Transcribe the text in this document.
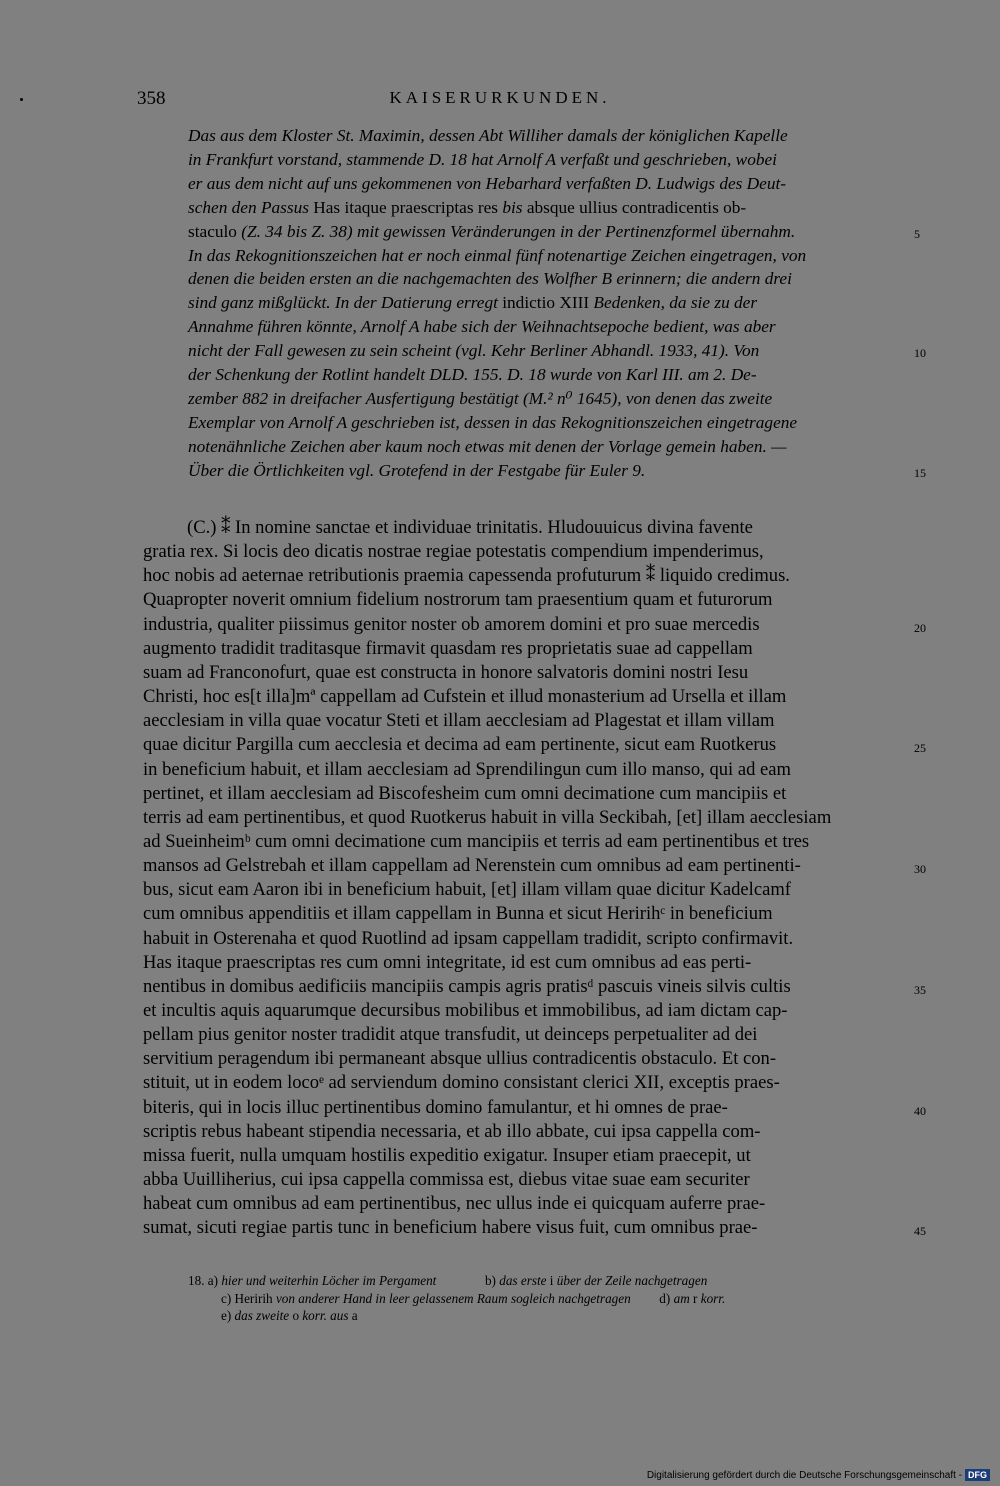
358	KAISERURKUNDEN.
Das aus dem Kloster St. Maximin, dessen Abt Williher damals der königlichen Kapelle
in Frankfurt vorstand, stammende D. 18 hat Arnolf A verfaßt und geschrieben, wobei
er aus dem nicht auf uns gekommenen von Hebarhard verfaßten D. Ludwigs des Deut-
schen den Passus Has itaque praescriptas res bis absque ullius contradicentis ob-
staculo (Z. 34 bis Z. 38) mit gewissen Veränderungen in der Pertinenzformel übernahm.	5
In das Rekognitionszeichen hat er noch einmal fünf notenartige Zeichen eingetragen, von
denen die beiden ersten an die nachgemachten des Wolfher B erinnern; die andern drei
sind ganz mißglückt. In der Datierung erregt indictio XIII Bedenken, da sie zu der
Annahme führen könnte, Arnolf A habe sich der Weihnachtsepoche bedient, was aber
nicht der Fall gewesen zu sein scheint (vgl. Kehr Berliner Abhandl. 1933, 41). Von	10
der Schenkung der Rotlint handelt DLD. 155. D. 18 wurde von Karl III. am 2. De-
zember 882 in dreifacher Ausfertigung bestätigt (M.² n⁰ 1645), von denen das zweite
Exemplar von Arnolf A geschrieben ist, dessen in das Rekognitionszeichen eingetragene
notenähnliche Zeichen aber kaum noch etwas mit denen der Vorlage gemein haben. —
Über die Örtlichkeiten vgl. Grotefend in der Festgabe für Euler 9.	15
(C.) ⁑ In nomine sanctae et individuae trinitatis. Hludouuicus divina favente
gratia rex. Si locis deo dicatis nostrae regiae potestatis compendium impenderimus,
hoc nobis ad aeternae retributionis praemia capessenda profuturum ⁑ liquido credimus.
Quapropter noverit omnium fidelium nostrorum tam praesentium quam et futurorum
industria, qualiter piissimus genitor noster ob amorem domini et pro suae mercedis	20
augmento tradidit traditasque firmavit quasdam res proprietatis suae ad cappellam
suam ad Franconofurt, quae est constructa in honore salvatoris domini nostri Iesu
Christi, hoc es[t illa]mª cappellam ad Cufstein et illud monasterium ad Ursella et illam
aecclesiam in villa quae vocatur Steti et illam aecclesiam ad Plagestat et illam villam
quae dicitur Pargilla cum aecclesia et decima ad eam pertinente, sicut eam Ruotkerus	25
in beneficium habuit, et illam aecclesiam ad Sprendilingun cum illo manso, qui ad eam
pertinet, et illam aecclesiam ad Biscofesheim cum omni decimatione cum mancipiis et
terris ad eam pertinentibus, et quod Ruotkerus habuit in villa Seckibah, [et] illam aecclesiam
ad Sueinheimᵇ cum omni decimatione cum mancipiis et terris ad eam pertinentibus et tres
mansos ad Gelstrebah et illam cappellam ad Nerenstein cum omnibus ad eam pertinenti-	30
bus, sicut eam Aaron ibi in beneficium habuit, [et] illam villam quae dicitur Kadelcamf
cum omnibus appenditiis et illam cappellam in Bunna et sicut Heririhᶜ in beneficium
habuit in Osterenaha et quod Ruotlind ad ipsam cappellam tradidit, scripto confirmavit.
Has itaque praescriptas res cum omni integritate, id est cum omnibus ad eas perti-
nentibus in domibus aedificiis mancipiis campis agris pratisᵈ pascuis vineis silvis cultis	35
et incultis aquis aquarumque decursibus mobilibus et immobilibus, ad iam dictam cap-
pellam pius genitor noster tradidit atque transfudit, ut deinceps perpetualiter ad dei
servitium peragendum ibi permaneant absque ullius contradicentis obstaculo. Et con-
stituit, ut in eodem locoᵉ ad serviendum domino consistant clerici XII, exceptis praes-
biteris, qui in locis illuc pertinentibus domino famulantur, et hi omnes de prae-	40
scriptis rebus habeant stipendia necessaria, et ab illo abbate, cui ipsa cappella com-
missa fuerit, nulla umquam hostilis expeditio exigatur. Insuper etiam praecepit, ut
abba Uuilliherius, cui ipsa cappella commissa est, diebus vitae suae eam securiter
habeat cum omnibus ad eam pertinentibus, nec ullus inde ei quicquam auferre prae-
sumat, sicuti regiae partis tunc in beneficium habere visus fuit, cum omnibus prae-	45
18. a) hier und weiterhin Löcher im Pergament	b) das erste i über der Zeile nachgetragen
c) Heririh von anderer Hand in leer gelassenem Raum sogleich nachgetragen d) am r korr.
e) das zweite o korr. aus a
Digitalisierung gefördert durch die Deutsche Forschungsgemeinschaft - DFG
